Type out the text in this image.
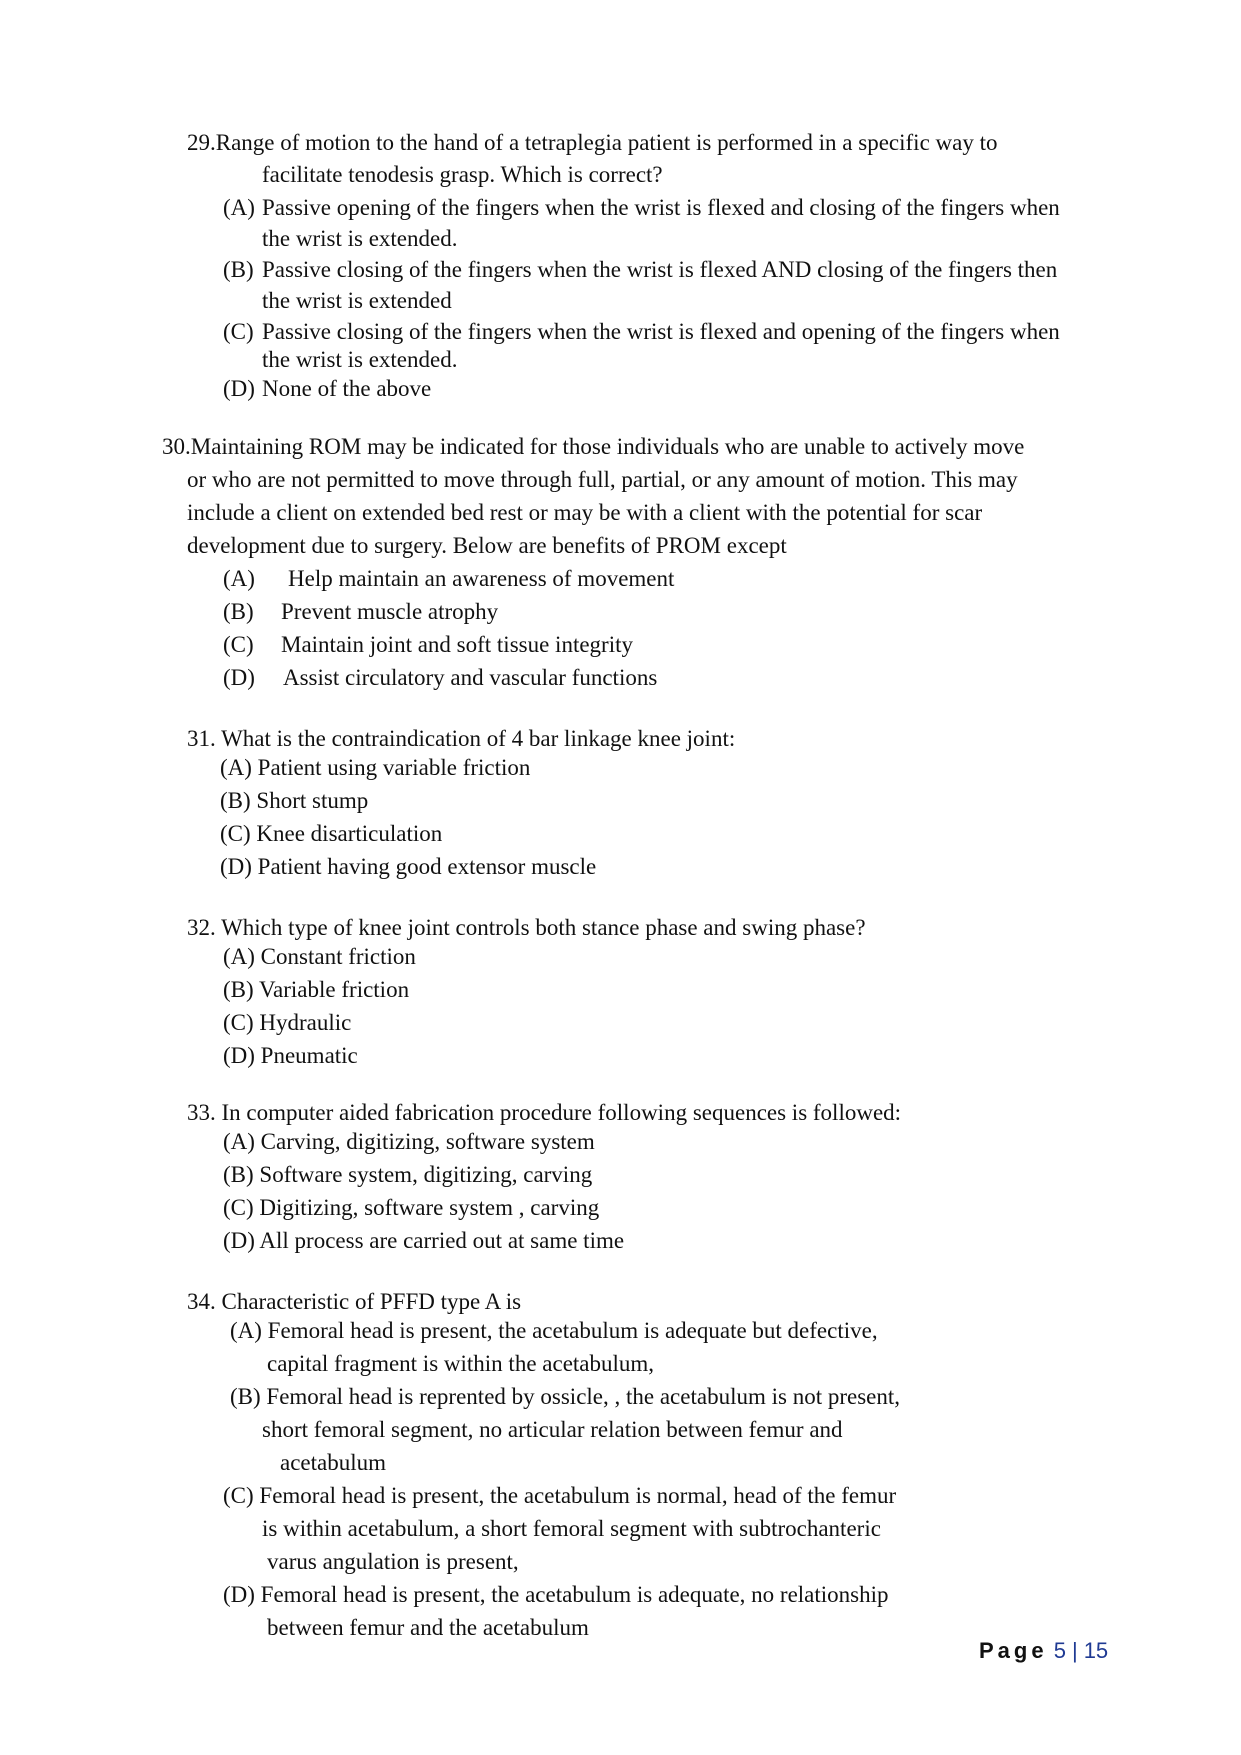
29.Range of motion to the hand of a tetraplegia patient is performed in a specific way to
facilitate tenodesis grasp. Which is correct?
(A) Passive opening of the fingers when the wrist is flexed and closing of the fingers when
the wrist is extended.
(B) Passive closing of the fingers when the wrist is flexed AND closing of the fingers then
the wrist is extended
(C) Passive closing of the fingers when the wrist is flexed and opening of the fingers when
the wrist is extended.
(D) None of the above
30.Maintaining ROM may be indicated for those individuals who are unable to actively move
or who are not permitted to move through full, partial, or any amount of motion. This may
include a client on extended bed rest or may be with a client with the potential for scar
development due to surgery. Below are benefits of PROM except
(A) Help maintain an awareness of movement
(B) Prevent muscle atrophy
(C) Maintain joint and soft tissue integrity
(D) Assist circulatory and vascular functions
31. What is the contraindication of 4 bar linkage knee joint:
(A) Patient using variable friction
(B) Short stump
(C) Knee disarticulation
(D) Patient having good extensor muscle
32. Which type of knee joint controls both stance phase and swing phase?
(A) Constant friction
(B) Variable friction
(C) Hydraulic
(D) Pneumatic
33. In computer aided fabrication procedure following sequences is followed:
(A) Carving, digitizing, software system
(B) Software system, digitizing, carving
(C) Digitizing, software system , carving
(D) All process are carried out at same time
34. Characteristic of PFFD type A is
(A) Femoral head is present, the acetabulum is adequate but defective,
capital fragment is within the acetabulum,
(B) Femoral head is reprented by ossicle, , the acetabulum is not present,
short femoral segment, no articular relation between femur and
acetabulum
(C) Femoral head is present, the acetabulum is normal, head of the femur
is within acetabulum, a short femoral segment with subtrochanteric
varus angulation is present,
(D) Femoral head is present, the acetabulum is adequate, no relationship
between femur and the acetabulum
Page 5 | 15
